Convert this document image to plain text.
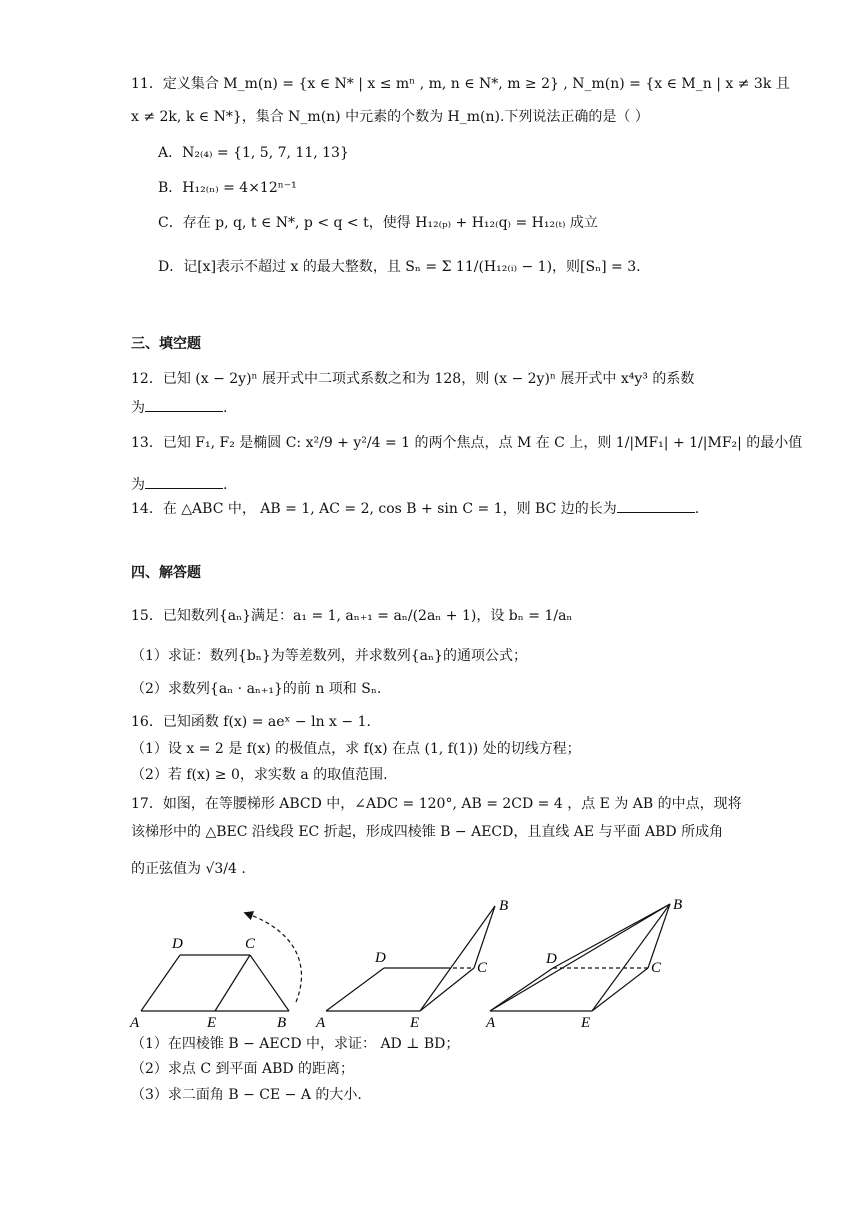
11．定义集合 M_m(n) = {x ∈ N* | x ≤ mⁿ , m, n ∈ N*, m ≥ 2} , N_m(n) = {x ∈ M_n | x ≠ 3k 且
x ≠ 2k, k ∈ N*}，集合 N_m(n) 中元素的个数为 H_m(n).下列说法正确的是（ ）
A．N₂₍₄₎ = {1, 5, 7, 11, 13}
B．H₁₂₍ₙ₎ = 4×12ⁿ⁻¹
C．存在 p, q, t ∈ N*, p < q < t，使得 H₁₂₍ₚ₎ + H₁₂₍q₎ = H₁₂₍ₜ₎ 成立
D．记[x]表示不超过 x 的最大整数，且 Sₙ = Σ 11/(H₁₂₍ᵢ₎ − 1)，则[Sₙ] = 3.
三、填空题
12．已知 (x − 2y)ⁿ 展开式中二项式系数之和为 128，则 (x − 2y)ⁿ 展开式中 x⁴y³ 的系数
为	.
13．已知 F₁, F₂ 是椭圆 C: x²/9 + y²/4 = 1 的两个焦点，点 M 在 C 上，则 1/|MF₁| + 1/|MF₂| 的最小值
为	.
14．在 △ABC 中， AB = 1, AC = 2, cos B + sin C = 1，则 BC 边的长为	.
四、解答题
15．已知数列{aₙ}满足：a₁ = 1, aₙ₊₁ = aₙ/(2aₙ + 1)，设 bₙ = 1/aₙ
（1）求证：数列{bₙ}为等差数列，并求数列{aₙ}的通项公式；
（2）求数列{aₙ · aₙ₊₁}的前 n 项和 Sₙ.
16．已知函数 f(x) = aeˣ − ln x − 1.
（1）设 x = 2 是 f(x) 的极值点，求 f(x) 在点 (1, f(1)) 处的切线方程；
（2）若 f(x) ≥ 0，求实数 a 的取值范围.
17．如图，在等腰梯形 ABCD 中，∠ADC = 120°, AB = 2CD = 4 ，点 E 为 AB 的中点，现将
该梯形中的 △BEC 沿线段 EC 折起，形成四棱锥 B − AECD，且直线 AE 与平面 ABD 所成角
的正弦值为 √3/4 .
A
D	C
E	B A
D
C
E
B
A
D
C
E
B
（1）在四棱锥 B − AECD 中，求证： AD ⊥ BD；
（2）求点 C 到平面 ABD 的距离；
（3）求二面角 B − CE − A 的大小.
